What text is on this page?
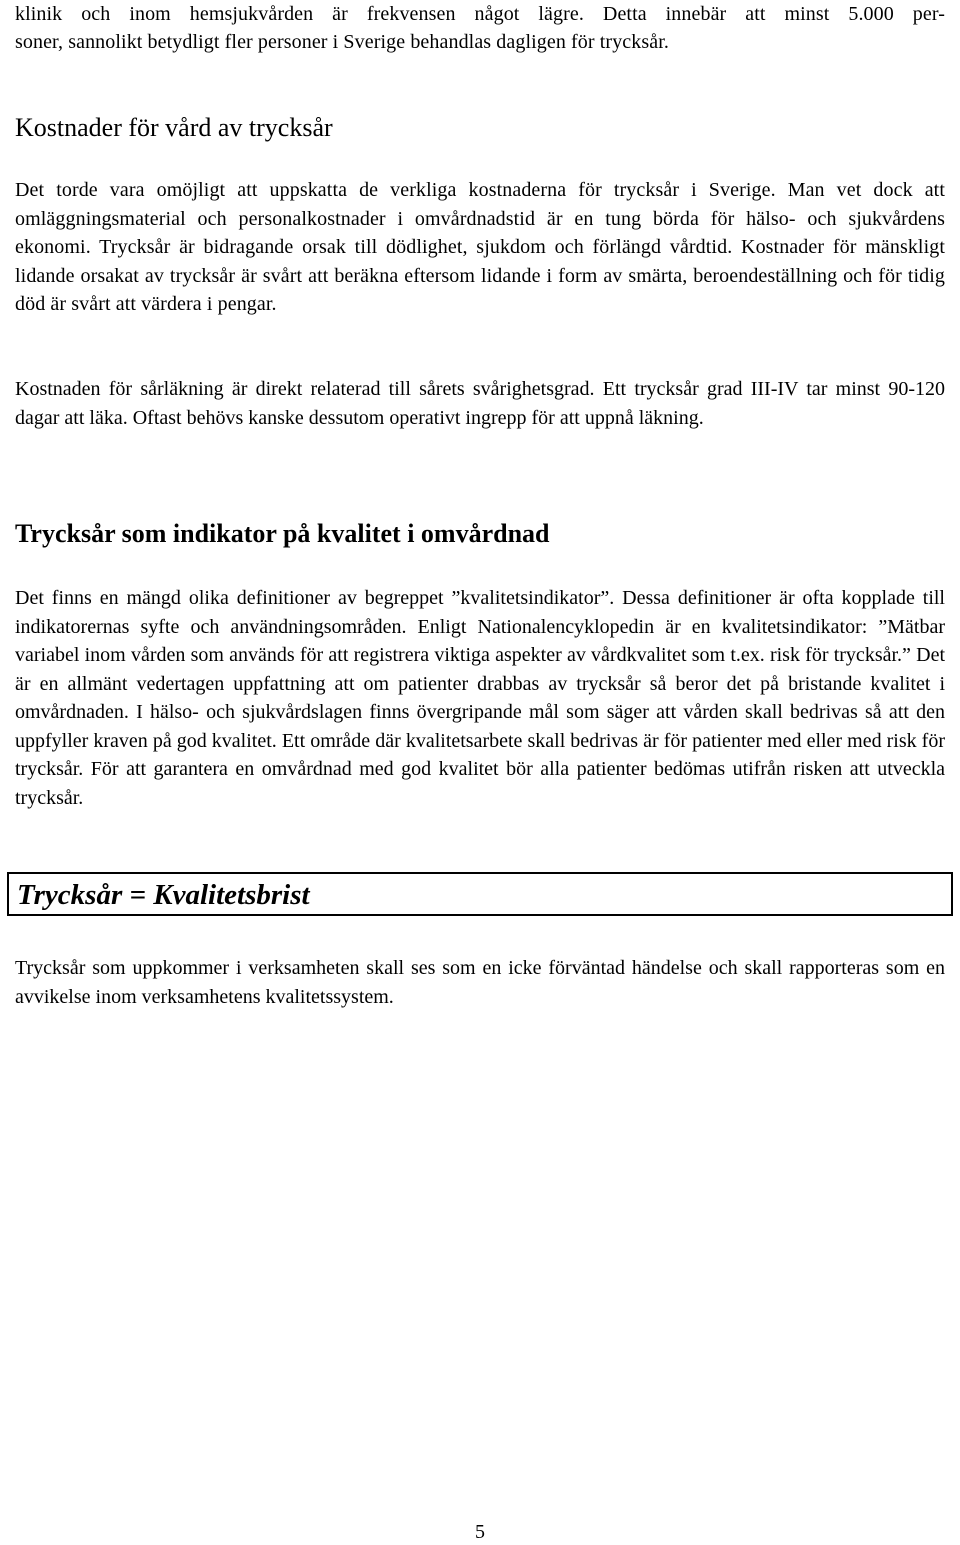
klinik och inom hemsjukvården är frekvensen något lägre. Detta innebär att minst 5.000 per-

soner, sannolikt betydligt fler personer i Sverige behandlas dagligen för trycksår.

Kostnader för vård av trycksår

Det torde vara omöjligt att uppskatta de verkliga kostnaderna för trycksår i Sverige. Man vet dock att omläggningsmaterial och personalkostnader i omvårdnadstid är en tung börda för hälso- och sjukvårdens ekonomi. Trycksår är bidragande orsak till dödlighet, sjukdom och förlängd vårdtid. Kostnader för mänskligt lidande orsakat av trycksår är svårt att beräkna eftersom lidande i form av smärta, beroendeställning och för tidig död är svårt att värdera i pengar.

Kostnaden för sårläkning är direkt relaterad till sårets svårighetsgrad. Ett trycksår grad III-IV tar minst 90-120 dagar att läka. Oftast behövs kanske dessutom operativt ingrepp för att uppnå läkning.

Trycksår som indikator på kvalitet i omvårdnad

Det finns en mängd olika definitioner av begreppet ”kvalitetsindikator”. Dessa definitioner är ofta kopplade till indikatorernas syfte och användningsområden. Enligt Nationalencyklopedin är en kvalitetsindikator: ”Mätbar variabel inom vården som används för att registrera viktiga aspekter av vårdkvalitet som t.ex. risk för trycksår.” Det är en allmänt vedertagen uppfattning att om patienter drabbas av trycksår så beror det på bristande kvalitet i omvårdnaden. I hälso- och sjukvårdslagen finns övergripande mål som säger att vården skall bedrivas så att den uppfyller kraven på god kvalitet. Ett område där kvalitetsarbete skall bedrivas är för patienter med eller med risk för trycksår. För att garantera en omvårdnad med god kvalitet bör alla patienter bedömas utifrån risken att utveckla trycksår.

Trycksår som uppkommer i verksamheten skall ses som en icke förväntad händelse och skall rapporteras som en avvikelse inom verksamhetens kvalitetssystem.

Trycksår = Kvalitetsbrist
5
